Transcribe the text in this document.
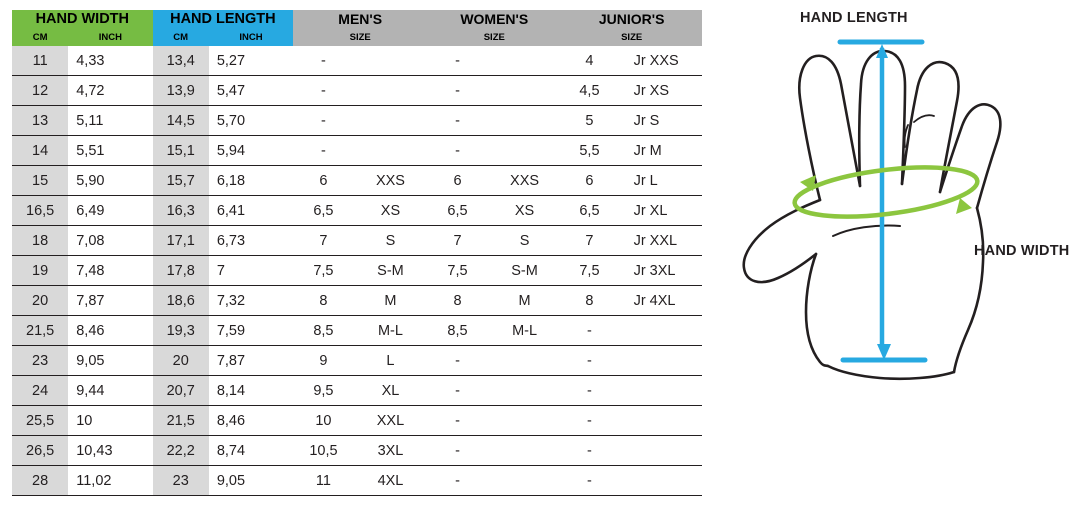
HAND WIDTH		HAND LENGTH		MEN'S		WOMEN'S		JUNIOR'S	
CM	INCH	CM	INCH	SIZE		SIZE		SIZE	
11	4,33	13,4	5,27	-		-		4	Jr XXS
12	4,72	13,9	5,47	-		-		4,5	Jr XS
13	5,11	14,5	5,70	-		-		5	Jr S
14	5,51	15,1	5,94	-		-		5,5	Jr M
15	5,90	15,7	6,18	6	XXS	6	XXS	6	Jr L
16,5	6,49	16,3	6,41	6,5	XS	6,5	XS	6,5	Jr XL
18	7,08	17,1	6,73	7	S	7	S	7	Jr XXL
19	7,48	17,8	7	7,5	S-M	7,5	S-M	7,5	Jr 3XL
20	7,87	18,6	7,32	8	M	8	M	8	Jr 4XL
21,5	8,46	19,3	7,59	8,5	M-L	8,5	M-L	-	
23	9,05	20	7,87	9	L	-		-	
24	9,44	20,7	8,14	9,5	XL	-		-	
25,5	10	21,5	8,46	10	XXL	-		-	
26,5	10,43	22,2	8,74	10,5	3XL	-		-	
28	11,02	23	9,05	11	4XL	-		-	
HAND LENGTH
HAND WIDTH
